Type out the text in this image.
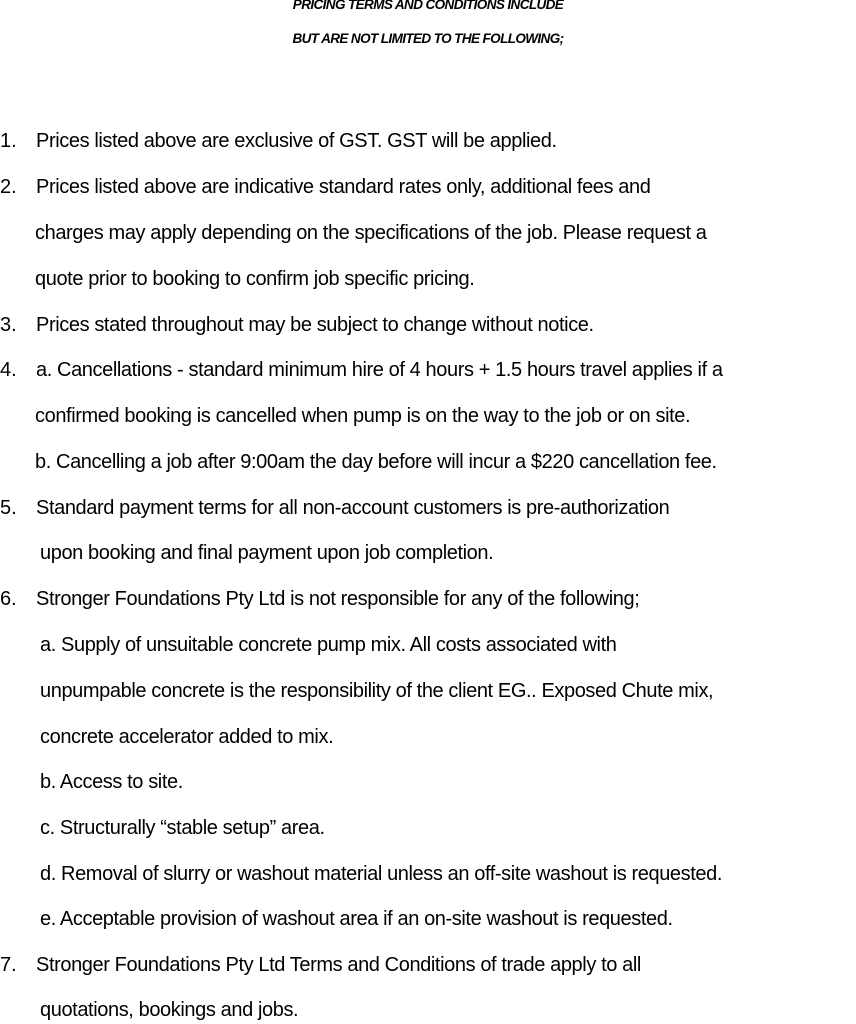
PRICING TERMS AND CONDITIONS INCLUDE
BUT ARE NOT LIMITED TO THE FOLLOWING;
1. Prices listed above are exclusive of GST. GST will be applied.
2. Prices listed above are indicative standard rates only, additional fees and
charges may apply depending on the specifications of the job. Please request a
quote prior to booking to confirm job specific pricing.
3. Prices stated throughout may be subject to change without notice.
4. a. Cancellations - standard minimum hire of 4 hours + 1.5 hours travel applies if a
confirmed booking is cancelled when pump is on the way to the job or on site.
b. Cancelling a job after 9:00am the day before will incur a $220 cancellation fee.
5. Standard payment terms for all non-account customers is pre-authorization
upon booking and final payment upon job completion.
6. Stronger Foundations Pty Ltd is not responsible for any of the following;
a. Supply of unsuitable concrete pump mix. All costs associated with
unpumpable concrete is the responsibility of the client EG.. Exposed Chute mix,
concrete accelerator added to mix.
b. Access to site.
c. Structurally “stable setup” area.
d. Removal of slurry or washout material unless an off-site washout is requested.
e. Acceptable provision of washout area if an on-site washout is requested.
7. Stronger Foundations Pty Ltd Terms and Conditions of trade apply to all
quotations, bookings and jobs.
